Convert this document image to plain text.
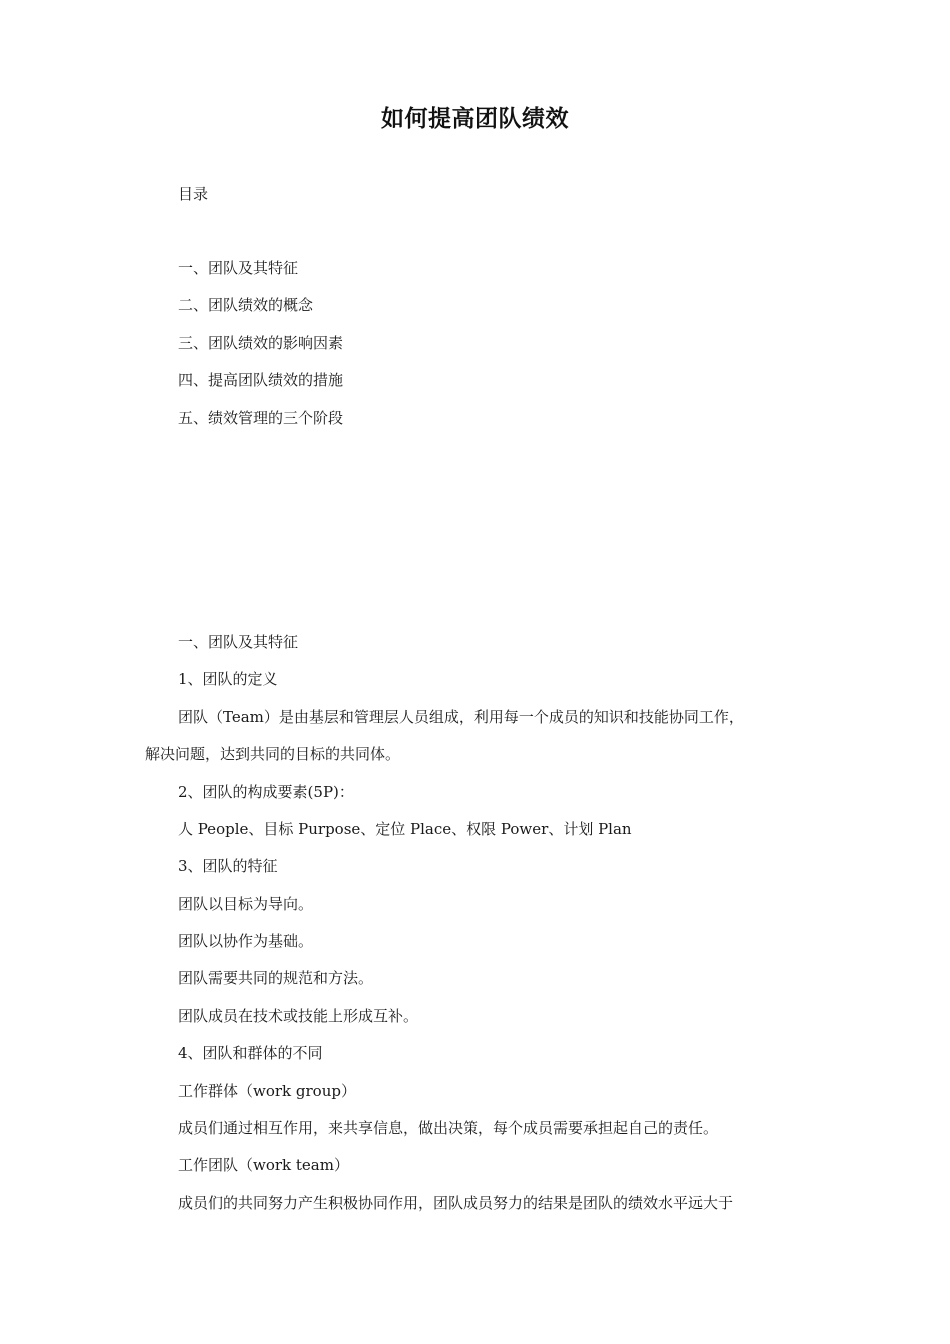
如何提高团队绩效
目录
一、团队及其特征
二、团队绩效的概念
三、团队绩效的影响因素
四、提高团队绩效的措施
五、绩效管理的三个阶段
一、团队及其特征
1、团队的定义
团队（Team）是由基层和管理层人员组成，利用每一个成员的知识和技能协同工作，
解决问题，达到共同的目标的共同体。
2、团队的构成要素(5P)：
人 People、目标 Purpose、定位 Place、权限 Power、计划 Plan
3、团队的特征
团队以目标为导向。
团队以协作为基础。
团队需要共同的规范和方法。
团队成员在技术或技能上形成互补。
4、团队和群体的不同
工作群体（work group）
成员们通过相互作用，来共享信息，做出决策，每个成员需要承担起自己的责任。
工作团队（work team）
成员们的共同努力产生积极协同作用，团队成员努力的结果是团队的绩效水平远大于
